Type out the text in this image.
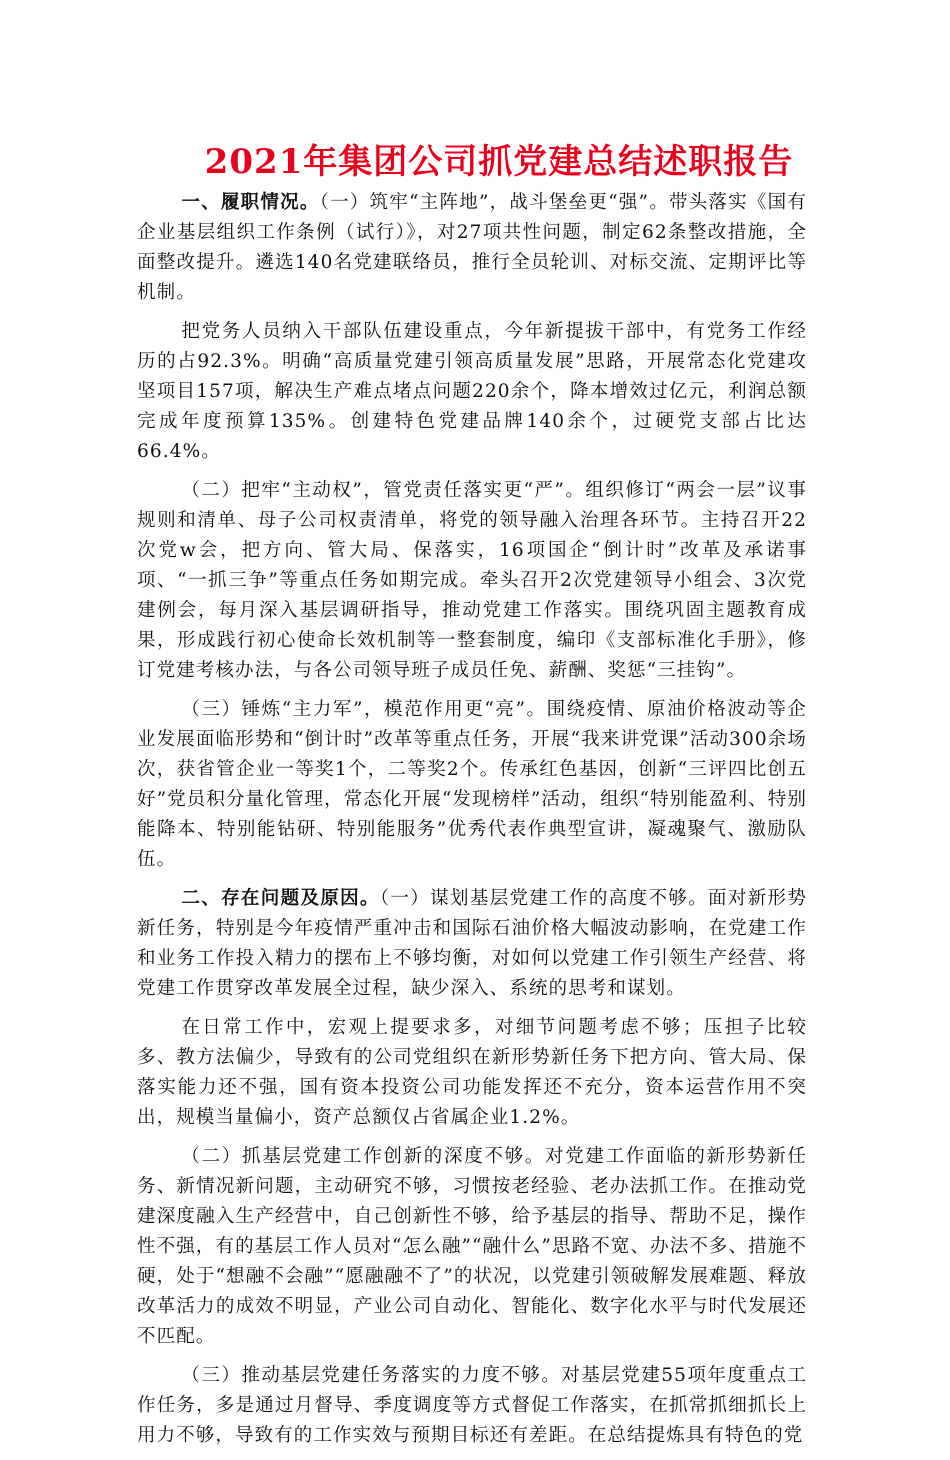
2021年集团公司抓党建总结述职报告

一、履职情况。（一）筑牢“主阵地”，战斗堡垒更“强”。带头落实《国有企业基层组织工作条例（试行）》，对27项共性问题，制定62条整改措施，全面整改提升。遴选140名党建联络员，推行全员轮训、对标交流、定期评比等机制。

把党务人员纳入干部队伍建设重点，今年新提拔干部中，有党务工作经历的占92.3%。明确“高质量党建引领高质量发展”思路，开展常态化党建攻坚项目157项，解决生产难点堵点问题220余个，降本增效过亿元，利润总额完成年度预算135%。创建特色党建品牌140余个，过硬党支部占比达66.4%。

（二）把牢“主动权”，管党责任落实更“严”。组织修订“两会一层”议事规则和清单、母子公司权责清单，将党的领导融入治理各环节。主持召开22次党w会，把方向、管大局、保落实，16项国企“倒计时”改革及承诺事项、“一抓三争”等重点任务如期完成。牵头召开2次党建领导小组会、3次党建例会，每月深入基层调研指导，推动党建工作落实。围绕巩固主题教育成果，形成践行初心使命长效机制等一整套制度，编印《支部标准化手册》，修订党建考核办法，与各公司领导班子成员任免、薪酬、奖惩“三挂钩”。

（三）锤炼“主力军”，模范作用更“亮”。围绕疫情、原油价格波动等企业发展面临形势和“倒计时”改革等重点任务，开展“我来讲党课”活动300余场次，获省管企业一等奖1个，二等奖2个。传承红色基因，创新“三评四比创五好”党员积分量化管理，常态化开展“发现榜样”活动，组织“特别能盈利、特别能降本、特别能钻研、特别能服务”优秀代表作典型宣讲，凝魂聚气、激励队伍。

二、存在问题及原因。（一）谋划基层党建工作的高度不够。面对新形势新任务，特别是今年疫情严重冲击和国际石油价格大幅波动影响，在党建工作和业务工作投入精力的摆布上不够均衡，对如何以党建工作引领生产经营、将党建工作贯穿改革发展全过程，缺少深入、系统的思考和谋划。

在日常工作中，宏观上提要求多，对细节问题考虑不够；压担子比较多、教方法偏少，导致有的公司党组织在新形势新任务下把方向、管大局、保落实能力还不强，国有资本投资公司功能发挥还不充分，资本运营作用不突出，规模当量偏小，资产总额仅占省属企业1.2%。

（二）抓基层党建工作创新的深度不够。对党建工作面临的新形势新任务、新情况新问题，主动研究不够，习惯按老经验、老办法抓工作。在推动党建深度融入生产经营中，自己创新性不够，给予基层的指导、帮助不足，操作性不强，有的基层工作人员对“怎么融”“融什么”思路不宽、办法不多、措施不硬，处于“想融不会融”“愿融融不了”的状况，以党建引领破解发展难题、释放改革活力的成效不明显，产业公司自动化、智能化、数字化水平与时代发展还不匹配。

（三）推动基层党建任务落实的力度不够。对基层党建55项年度重点工作任务，多是通过月督导、季度调度等方式督促工作落实，在抓常抓细抓长上用力不够，导致有的工作实效与预期目标还有差距。在总结提炼具有特色的党
